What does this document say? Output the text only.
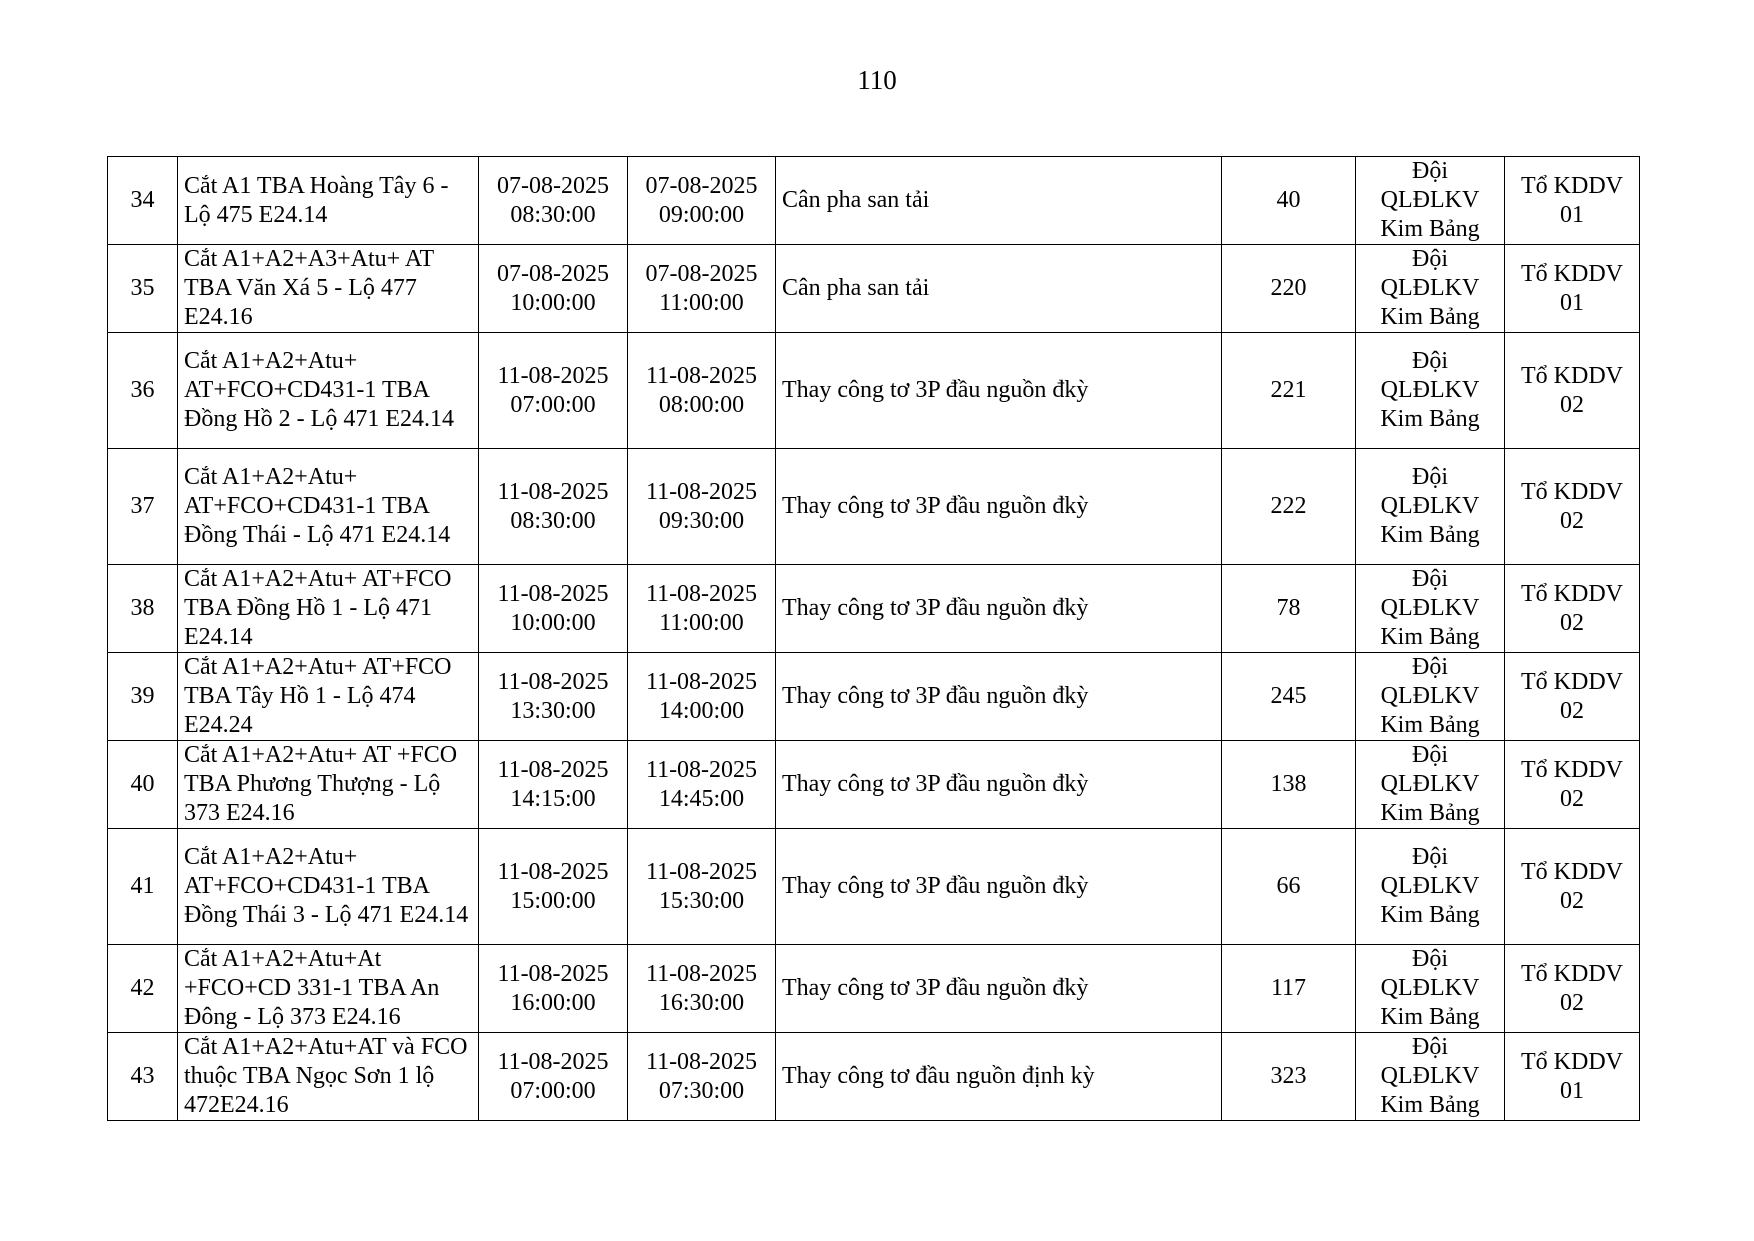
110
34	Cắt A1 TBA Hoàng Tây 6 - Lộ 475 E24.14	07-08-2025 08:30:00	07-08-2025 09:00:00	Cân pha san tải	40	Đội QLĐLKV Kim Bảng	Tổ KDDV 01
35	Cắt A1+A2+A3+Atu+ AT TBA Văn Xá 5 - Lộ 477 E24.16	07-08-2025 10:00:00	07-08-2025 11:00:00	Cân pha san tải	220	Đội QLĐLKV Kim Bảng	Tổ KDDV 01
36	Cắt A1+A2+Atu+ AT+FCO+CD431-1 TBA Đồng Hồ 2 - Lộ 471 E24.14	11-08-2025 07:00:00	11-08-2025 08:00:00	Thay công tơ 3P đầu nguồn đkỳ	221	Đội QLĐLKV Kim Bảng	Tổ KDDV 02
37	Cắt A1+A2+Atu+ AT+FCO+CD431-1 TBA Đồng Thái - Lộ 471 E24.14	11-08-2025 08:30:00	11-08-2025 09:30:00	Thay công tơ 3P đầu nguồn đkỳ	222	Đội QLĐLKV Kim Bảng	Tổ KDDV 02
38	Cắt A1+A2+Atu+ AT+FCO TBA Đồng Hồ 1 - Lộ 471 E24.14	11-08-2025 10:00:00	11-08-2025 11:00:00	Thay công tơ 3P đầu nguồn đkỳ	78	Đội QLĐLKV Kim Bảng	Tổ KDDV 02
39	Cắt A1+A2+Atu+ AT+FCO TBA Tây Hồ 1 - Lộ 474 E24.24	11-08-2025 13:30:00	11-08-2025 14:00:00	Thay công tơ 3P đầu nguồn đkỳ	245	Đội QLĐLKV Kim Bảng	Tổ KDDV 02
40	Cắt A1+A2+Atu+ AT +FCO TBA Phương Thượng - Lộ 373 E24.16	11-08-2025 14:15:00	11-08-2025 14:45:00	Thay công tơ 3P đầu nguồn đkỳ	138	Đội QLĐLKV Kim Bảng	Tổ KDDV 02
41	Cắt A1+A2+Atu+ AT+FCO+CD431-1 TBA Đồng Thái 3 - Lộ 471 E24.14	11-08-2025 15:00:00	11-08-2025 15:30:00	Thay công tơ 3P đầu nguồn đkỳ	66	Đội QLĐLKV Kim Bảng	Tổ KDDV 02
42	Cắt A1+A2+Atu+At +FCO+CD 331-1 TBA An Đông - Lộ 373 E24.16	11-08-2025 16:00:00	11-08-2025 16:30:00	Thay công tơ 3P đầu nguồn đkỳ	117	Đội QLĐLKV Kim Bảng	Tổ KDDV 02
43	Cắt A1+A2+Atu+AT và FCO thuộc TBA Ngọc Sơn 1 lộ 472E24.16	11-08-2025 07:00:00	11-08-2025 07:30:00	Thay công tơ đầu nguồn định kỳ	323	Đội QLĐLKV Kim Bảng	Tổ KDDV 01
